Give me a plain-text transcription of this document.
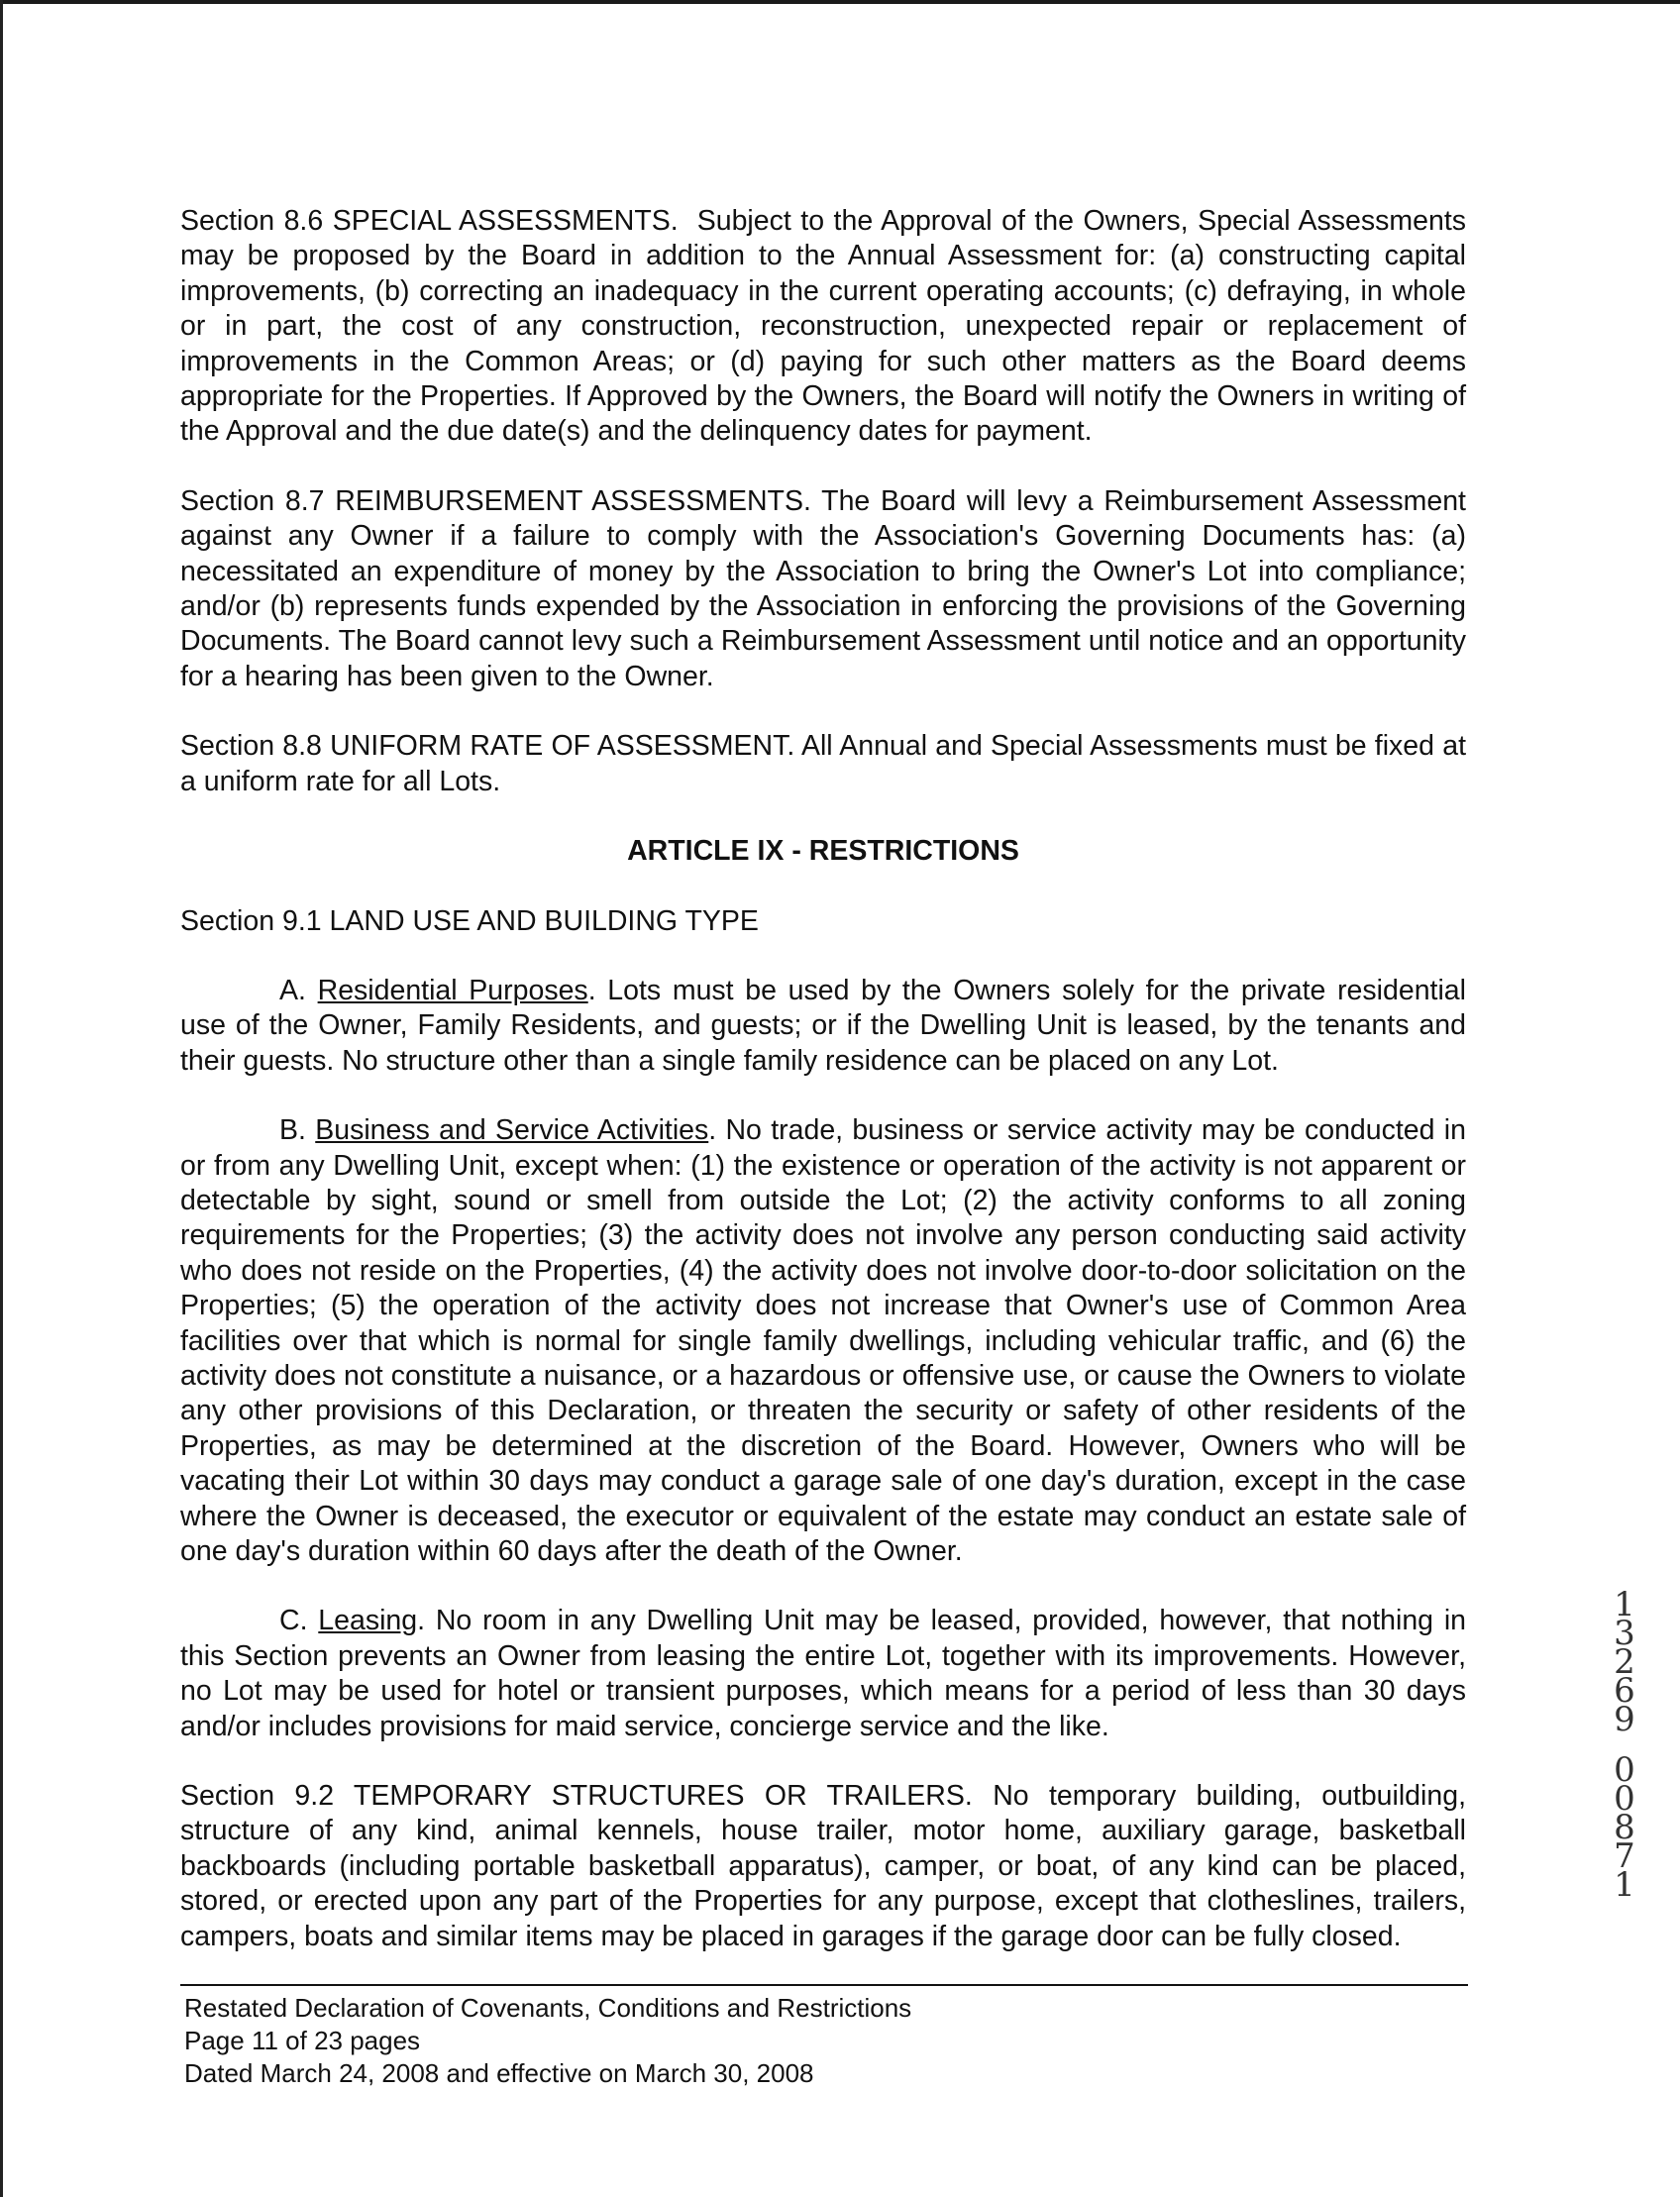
Section 8.6 SPECIAL ASSESSMENTS. Subject to the Approval of the Owners, Special Assessments may be proposed by the Board in addition to the Annual Assessment for: (a) constructing capital improvements, (b) correcting an inadequacy in the current operating accounts; (c) defraying, in whole or in part, the cost of any construction, reconstruction, unexpected repair or replacement of improvements in the Common Areas; or (d) paying for such other matters as the Board deems appropriate for the Properties. If Approved by the Owners, the Board will notify the Owners in writing of the Approval and the due date(s) and the delinquency dates for payment.

Section 8.7 REIMBURSEMENT ASSESSMENTS. The Board will levy a Reimbursement Assessment against any Owner if a failure to comply with the Association's Governing Documents has: (a) necessitated an expenditure of money by the Association to bring the Owner's Lot into compliance; and/or (b) represents funds expended by the Association in enforcing the provisions of the Governing Documents. The Board cannot levy such a Reimbursement Assessment until notice and an opportunity for a hearing has been given to the Owner.

Section 8.8 UNIFORM RATE OF ASSESSMENT. All Annual and Special Assessments must be fixed at a uniform rate for all Lots.

ARTICLE IX - RESTRICTIONS

Section 9.1 LAND USE AND BUILDING TYPE

A. Residential Purposes. Lots must be used by the Owners solely for the private residential use of the Owner, Family Residents, and guests; or if the Dwelling Unit is leased, by the tenants and their guests. No structure other than a single family residence can be placed on any Lot.

B. Business and Service Activities. No trade, business or service activity may be conducted in or from any Dwelling Unit, except when: (1) the existence or operation of the activity is not apparent or detectable by sight, sound or smell from outside the Lot; (2) the activity conforms to all zoning requirements for the Properties; (3) the activity does not involve any person conducting said activity who does not reside on the Properties, (4) the activity does not involve door-to-door solicitation on the Properties; (5) the operation of the activity does not increase that Owner's use of Common Area facilities over that which is normal for single family dwellings, including vehicular traffic, and (6) the activity does not constitute a nuisance, or a hazardous or offensive use, or cause the Owners to violate any other provisions of this Declaration, or threaten the security or safety of other residents of the Properties, as may be determined at the discretion of the Board. However, Owners who will be vacating their Lot within 30 days may conduct a garage sale of one day's duration, except in the case where the Owner is deceased, the executor or equivalent of the estate may conduct an estate sale of one day's duration within 60 days after the death of the Owner.

C. Leasing. No room in any Dwelling Unit may be leased, provided, however, that nothing in this Section prevents an Owner from leasing the entire Lot, together with its improvements. However, no Lot may be used for hotel or transient purposes, which means for a period of less than 30 days and/or includes provisions for maid service, concierge service and the like.

Section 9.2 TEMPORARY STRUCTURES OR TRAILERS. No temporary building, outbuilding, structure of any kind, animal kennels, house trailer, motor home, auxiliary garage, basketball backboards (including portable basketball apparatus), camper, or boat, of any kind can be placed, stored, or erected upon any part of the Properties for any purpose, except that clotheslines, trailers, campers, boats and similar items may be placed in garages if the garage door can be fully closed.

1
3
2
6
9
0
0
8
7
1
Restated Declaration of Covenants, Conditions and Restrictions
Page 11 of 23 pages
Dated March 24, 2008 and effective on March 30, 2008
